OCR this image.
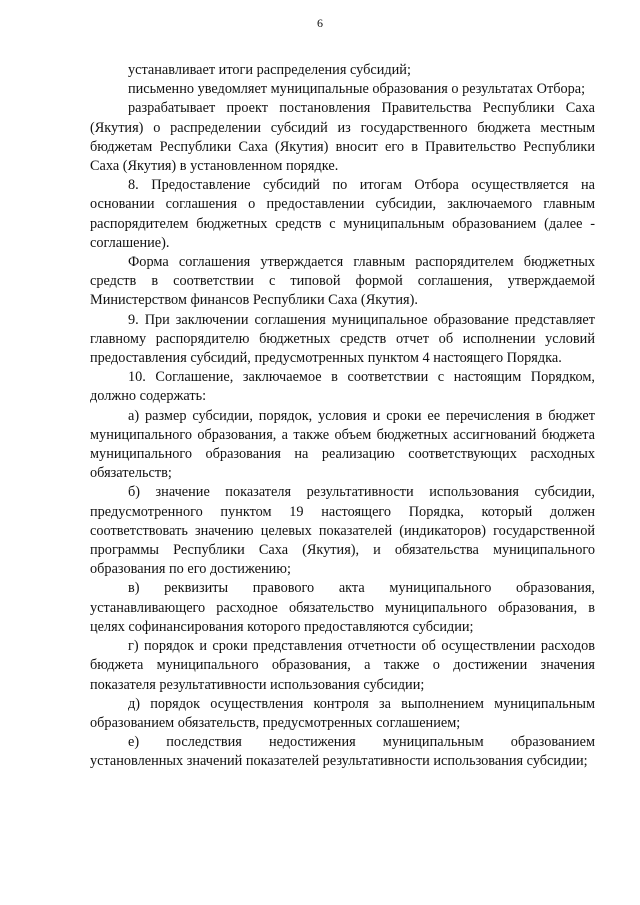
6

устанавливает итоги распределения субсидий;

письменно уведомляет муниципальные образования о результатах Отбора;

разрабатывает проект постановления Правительства Республики Саха (Якутия) о распределении субсидий из государственного бюджета местным бюджетам Республики Саха (Якутия) вносит его в Правительство Республики Саха (Якутия) в установленном порядке.

8. Предоставление субсидий по итогам Отбора осуществляется на основании соглашения о предоставлении субсидии, заключаемого главным распорядителем бюджетных средств с муниципальным образованием (далее - соглашение).

Форма соглашения утверждается главным распорядителем бюджетных средств в соответствии с типовой формой соглашения, утверждаемой Министерством финансов Республики Саха (Якутия).

9. При заключении соглашения муниципальное образование представляет главному распорядителю бюджетных средств отчет об исполнении условий предоставления субсидий, предусмотренных пунктом 4 настоящего Порядка.

10. Соглашение, заключаемое в соответствии с настоящим Порядком, должно содержать:

а) размер субсидии, порядок, условия и сроки ее перечисления в бюджет муниципального образования, а также объем бюджетных ассигнований бюджета муниципального образования на реализацию соответствующих расходных обязательств;

б) значение показателя результативности использования субсидии, предусмотренного пунктом 19 настоящего Порядка, который должен соответствовать значению целевых показателей (индикаторов) государственной программы Республики Саха (Якутия), и обязательства муниципального образования по его достижению;

в) реквизиты правового акта муниципального образования, устанавливающего расходное обязательство муниципального образования, в целях софинансирования которого предоставляются субсидии;

г) порядок и сроки представления отчетности об осуществлении расходов бюджета муниципального образования, а также о достижении значения показателя результативности использования субсидии;

д) порядок осуществления контроля за выполнением муниципальным образованием обязательств, предусмотренных соглашением;

е) последствия недостижения муниципальным образованием установленных значений показателей результативности использования субсидии;
